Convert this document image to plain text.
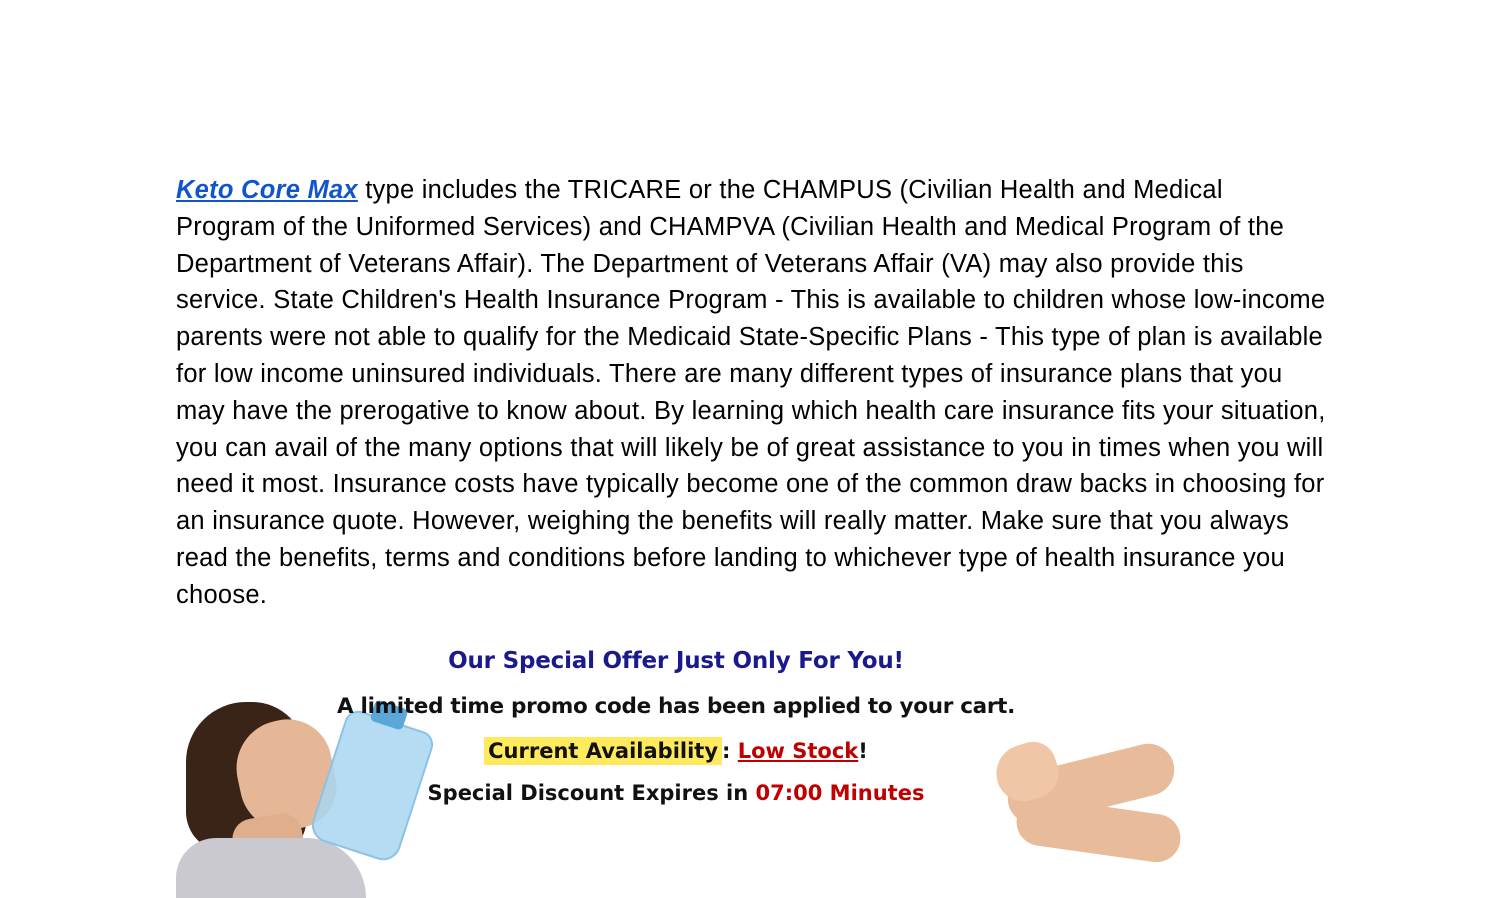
Keto Core Max type includes the TRICARE or the CHAMPUS (Civilian Health and Medical Program of the Uniformed Services) and CHAMPVA (Civilian Health and Medical Program of the Department of Veterans Affair). The Department of Veterans Affair (VA) may also provide this service. State Children's Health Insurance Program - This is available to children whose low-income parents were not able to qualify for the Medicaid State-Specific Plans - This type of plan is available for low income uninsured individuals. There are many different types of insurance plans that you may have the prerogative to know about. By learning which health care insurance fits your situation, you can avail of the many options that will likely be of great assistance to you in times when you will need it most. Insurance costs have typically become one of the common draw backs in choosing for an insurance quote. However, weighing the benefits will really matter. Make sure that you always read the benefits, terms and conditions before landing to whichever type of health insurance you choose.

Our Special Offer Just Only For You!
A limited time promo code has been applied to your cart.
Current Availability : Low Stock!
Special Discount Expires in 07:00 Minutes
